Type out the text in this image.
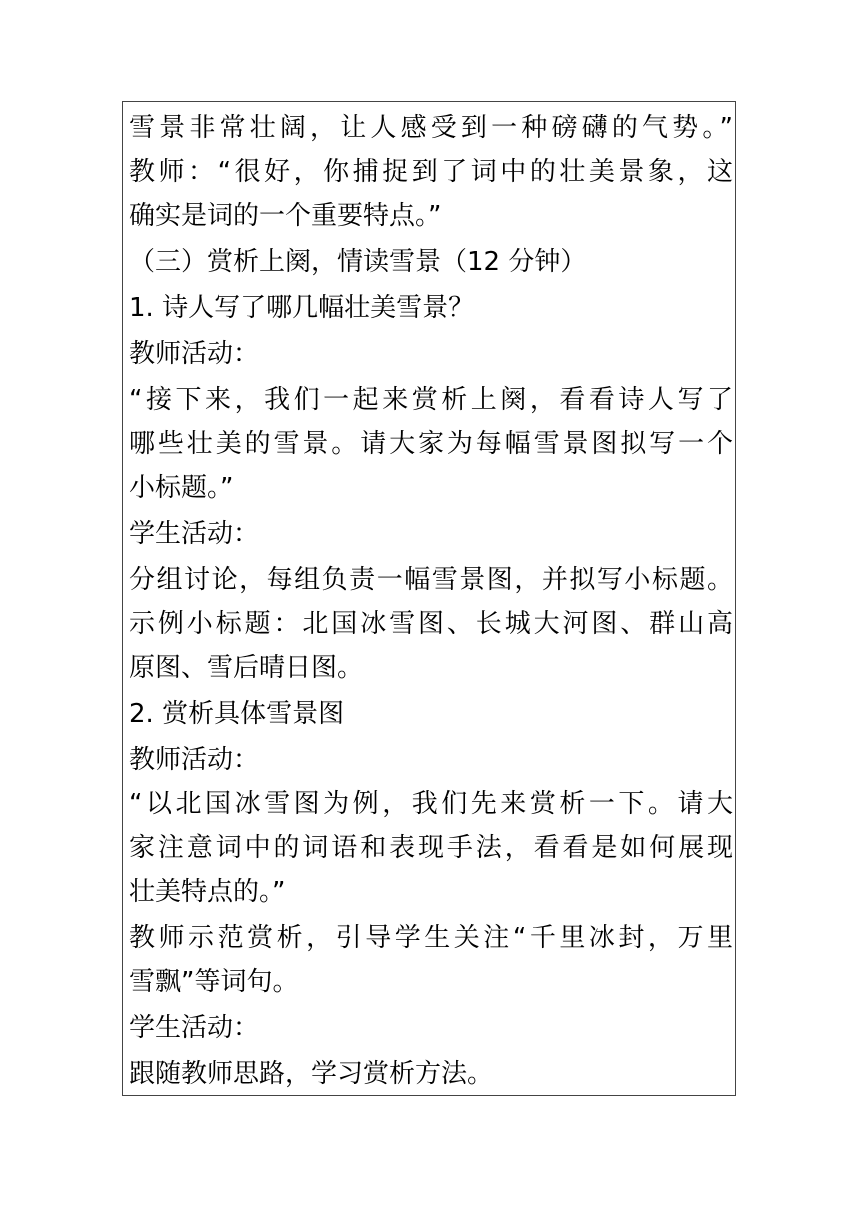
雪景非常壮阔，让人感受到一种磅礴的气势。”
教师：“很好，你捕捉到了词中的壮美景象，这
确实是词的一个重要特点。”
（三）赏析上阕，情读雪景（12 分钟）
1. 诗人写了哪几幅壮美雪景？
教师活动：
“接下来，我们一起来赏析上阕，看看诗人写了
哪些壮美的雪景。请大家为每幅雪景图拟写一个
小标题。”
学生活动：
分组讨论，每组负责一幅雪景图，并拟写小标题。
示例小标题：北国冰雪图、长城大河图、群山高
原图、雪后晴日图。
2. 赏析具体雪景图
教师活动：
“以北国冰雪图为例，我们先来赏析一下。请大
家注意词中的词语和表现手法，看看是如何展现
壮美特点的。”
教师示范赏析，引导学生关注“千里冰封，万里
雪飘”等词句。
学生活动：
跟随教师思路，学习赏析方法。
